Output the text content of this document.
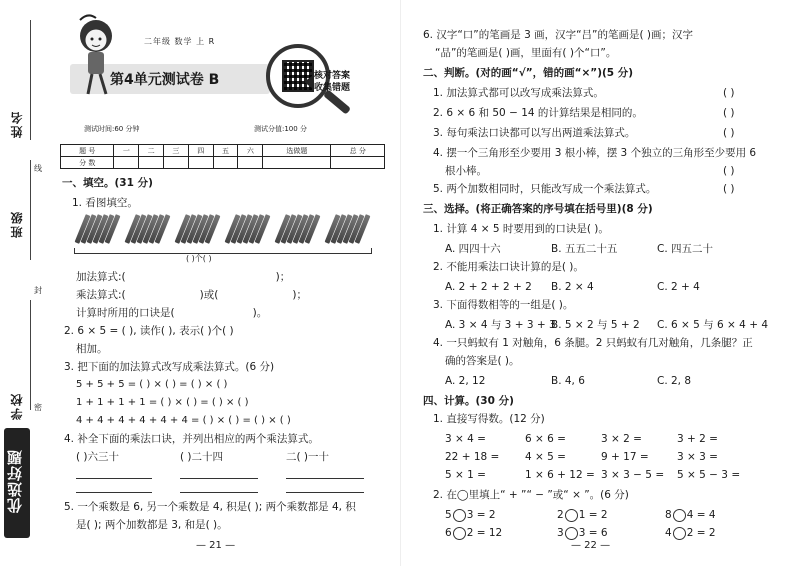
姓名
班级
线
封
学校 密
优选好题
第4单元测试卷 B
二年级 数学 上 R
核对答案
收集错题
测试时间:60 分钟	测试分值:100 分
题 号	一	二	三	四	五	六	选做题	总 分
分 数								
一、填空。(31 分)
1. 看图填空。
( )个( )
加法算式:(	)；
乘法算式:(	)或(	)；
计算时所用的口诀是(	)。
2. 6 × 5 = ( ), 读作( ), 表示( )个( )
相加。
3. 把下面的加法算式改写成乘法算式。(6 分)
5 + 5 + 5 = ( ) × ( ) = ( ) × ( )
1 + 1 + 1 + 1 = ( ) × ( ) = ( ) × ( )
4 + 4 + 4 + 4 + 4 + 4 = ( ) × ( ) = ( ) × ( )
4. 补全下面的乘法口诀，并列出相应的两个乘法算式。
( )六三十	( )二十四	二( )一十
5. 一个乘数是 6, 另一个乘数是 4, 积是( ); 两个乘数都是 4, 积
是( ); 两个加数都是 3, 和是( )。
— 21 —
6. 汉字“口”的笔画是 3 画，汉字“吕”的笔画是( )画；汉字
“品”的笔画是( )画，里面有( )个“口”。
二、判断。(对的画“√”，错的画“×”)(5 分)
1. 加法算式都可以改写成乘法算式。	( )
2. 6 × 6 和 50 − 14 的计算结果是相同的。	( )
3. 每句乘法口诀都可以写出两道乘法算式。	( )
4. 摆一个三角形至少要用 3 根小棒，摆 3 个独立的三角形至少要用 6
根小棒。	( )
5. 两个加数相同时，只能改写成一个乘法算式。	( )
三、选择。(将正确答案的序号填在括号里)(8 分)
1. 计算 4 × 5 时要用到的口诀是( )。
A. 四四十六	B. 五五二十五	C. 四五二十
2. 不能用乘法口诀计算的是( )。
A. 2 + 2 + 2 + 2 B. 2 × 4	C. 2 + 4
3. 下面得数相等的一组是( )。
A. 3 × 4 与 3 + 3 + 3
B. 5 × 2 与 5 + 2 C. 6 × 5 与 6 × 4 + 4
4. 一只蚂蚁有 1 对触角，6 条腿。2 只蚂蚁有几对触角，几条腿？正
确的答案是( )。
A. 2, 12	B. 4, 6	C. 2, 8
四、计算。(30 分)
1. 直接写得数。(12 分)
3 × 4 =	6 × 6 =	3 × 2 =	3 + 2 =
22 + 18 = 4 × 5 =	9 + 17 =	3 × 3 =
5 × 1 =	1 × 6 + 12 = 3 × 3 − 5 = 5 × 5 − 3 =
2. 在◯里填上“ + ”“ − ”或“ × ”。(6 分)
5 3 = 2	2 1 = 2	8 4 = 4
6 2 = 12	3 3 = 6	4 2 = 2
— 22 —
